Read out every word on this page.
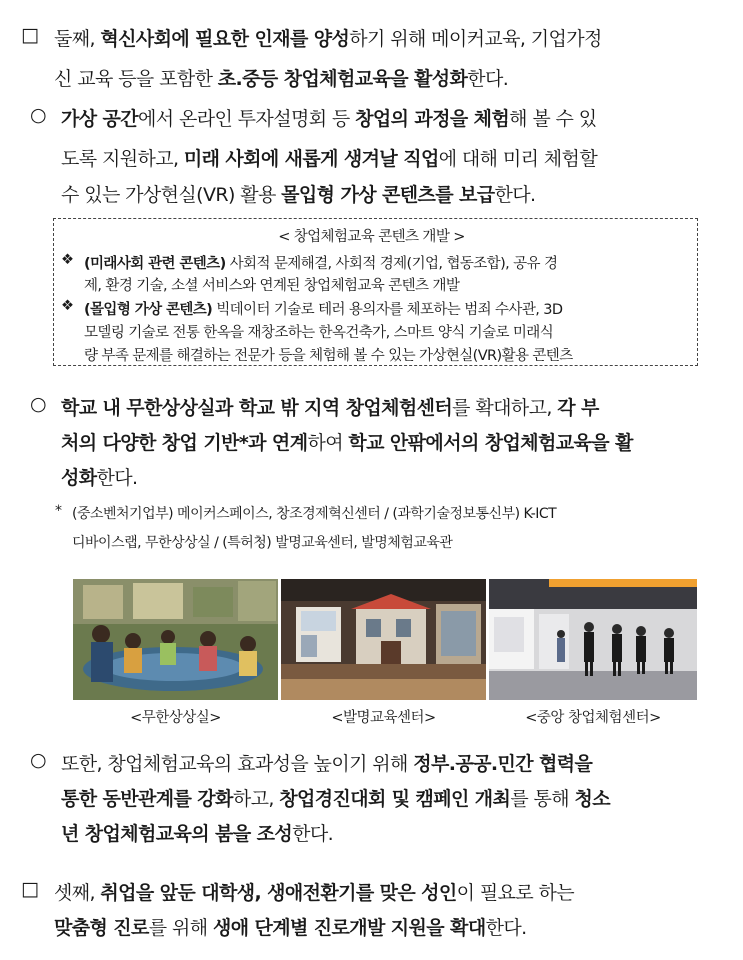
□ 둘째, 혁신사회에 필요한 인재를 양성하기 위해 메이커교육, 기업가정
신 교육 등을 포함한 초.중등 창업체험교육을 활성화한다.
○ 가상 공간에서 온라인 투자설명회 등 창업의 과정을 체험해 볼 수 있
도록 지원하고, 미래 사회에 새롭게 생겨날 직업에 대해 미리 체험할
수 있는 가상현실(VR) 활용 몰입형 가상 콘텐츠를 보급한다.
< 창업체험교육 콘텐츠 개발 >
❖ (미래사회 관련 콘텐츠) 사회적 문제해결, 사회적 경제(기업, 협동조합), 공유 경
제, 환경 기술, 소셜 서비스와 연계된 창업체험교육 콘텐츠 개발
❖ (몰입형 가상 콘텐츠) 빅데이터 기술로 테러 용의자를 체포하는 범죄 수사관, 3D
모델링 기술로 전통 한옥을 재창조하는 한옥건축가, 스마트 양식 기술로 미래식
량 부족 문제를 해결하는 전문가 등을 체험해 볼 수 있는 가상현실(VR)활용 콘텐츠
○ 학교 내 무한상상실과 학교 밖 지역 창업체험센터를 확대하고, 각 부
처의 다양한 창업 기반*과 연계하여 학교 안팎에서의 창업체험교육을 활
성화한다.
* (중소벤처기업부) 메이커스페이스, 창조경제혁신센터 / (과학기술정보통신부) K-ICT
디바이스랩, 무한상상실 / (특허청) 발명교육센터, 발명체험교육관
<무한상상실>	<발명교육센터>	<중앙 창업체험센터>
○ 또한, 창업체험교육의 효과성을 높이기 위해 정부.공공.민간 협력을
통한 동반관계를 강화하고, 창업경진대회 및 캠페인 개최를 통해 청소
년 창업체험교육의 붐을 조성한다.
□ 셋째, 취업을 앞둔 대학생, 생애전환기를 맞은 성인이 필요로 하는
맞춤형 진로를 위해 생애 단계별 진로개발 지원을 확대한다.
